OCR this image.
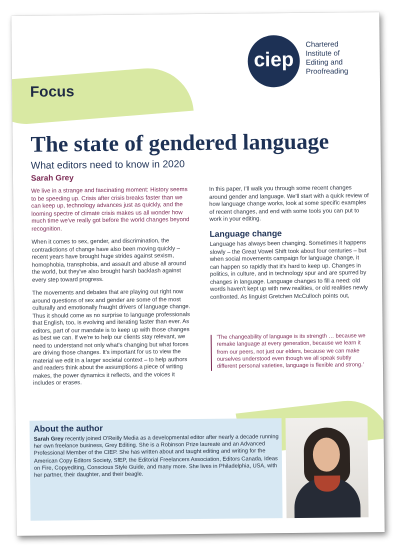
Focus
ciep
Chartered
Institute of
Editing and
Proofreading
The state of gendered language
What editors need to know in 2020
Sarah Grey

We live in a strange and fascinating moment: History seems to be speeding up. Crisis after crisis breaks faster than we can keep up, technology advances just as quickly, and the looming spectre of climate crisis makes us all wonder how much time we've really got before the world changes beyond recognition.

When it comes to sex, gender, and discrimination, the contradictions of change have also been moving quickly – recent years have brought huge strides against sexism, homophobia, transphobia, and assault and abuse all around the world, but they've also brought harsh backlash against every step toward progress.

The movements and debates that are playing out right now around questions of sex and gender are some of the most culturally and emotionally fraught drivers of language change. Thus it should come as no surprise to language professionals that English, too, is evolving and iterating faster than ever. As editors, part of our mandate is to keep up with those changes as best we can. If we're to help our clients stay relevant, we need to understand not only what's changing but what forces are driving those changes. It's important for us to view the material we edit in a larger societal context – to help authors and readers think about the assumptions a piece of writing makes, the power dynamics it reflects, and the voices it includes or erases.

In this paper, I'll walk you through some recent changes around gender and language. We'll start with a quick review of how language change works, look at some specific examples of recent changes, and end with some tools you can put to work in your editing.

Language change

Language has always been changing. Sometimes it happens slowly – the Great Vowel Shift took about four centuries – but when social movements campaign for language change, it can happen so rapidly that it's hard to keep up. Changes in politics, in culture, and in technology spur and are spurred by changes in language. Language changes to fill a need: old words haven't kept up with new realities, or old realities newly confronted. As linguist Gretchen McCulloch points out,

'The changeability of language is its strength … because we remake language at every generation, because we learn it from our peers, not just our elders, because we can make ourselves understood even though we all speak subtly different personal varieties, language is flexible and strong.'
About the author
Sarah Grey recently joined O'Reilly Media as a developmental editor after nearly a decade running her own freelance business, Grey Editing. She is a Robinson Prize laureate and an Advanced Professional Member of the CIEP. She has written about and taught editing and writing for the American Copy Editors Society, SfEP, the Editorial Freelancers Association, Editors Canada, Ideas on Fire, Copyediting, Conscious Style Guide, and many more. She lives in Philadelphia, USA, with her partner, their daughter, and their beagle.
